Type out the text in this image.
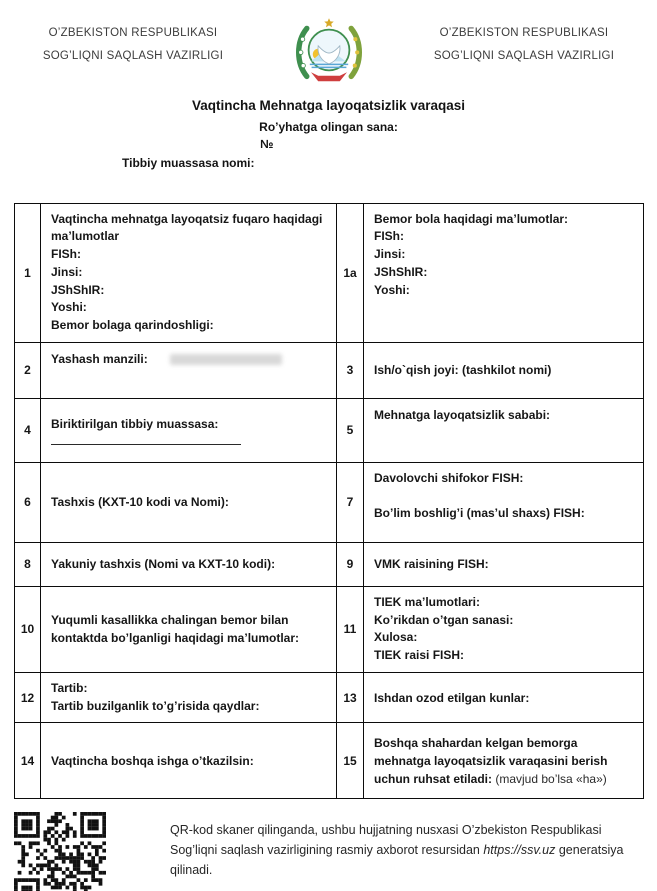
O’ZBEKISTON RESPUBLIKASI
SOG’LIQNI SAQLASH VAZIRLIGI
O’ZBEKISTON RESPUBLIKASI
SOG’LIQNI SAQLASH VAZIRLIGI
Vaqtincha Mehnatga layoqatsizlik varaqasi
Ro’yhatga olingan sana:
№
Tibbiy muassasa nomi:
1	
Vaqtincha mehnatga layoqatsiz fuqaro haqidagi ma’lumotlar
FISh:
Jinsi:
JShShIR:
Yoshi:
Bemor bolaga qarindoshligi:
	1a	
Bemor bola haqidagi ma’lumotlar:
FISh:
Jinsi:
JShShIR:
Yoshi:

2	Yashash manzili:	3	Ish/o`qish joyi: (tashkilot nomi)
4	Biriktirilgan tibbiy muassasa:	5	Mehnatga layoqatsizlik sababi:
6	Tashxis (KXT-10 kodi va Nomi):	7	Davolovchi shifokor FISH:
Bo’lim boshlig’i (mas’ul shaxs) FISH:

8	Yakuniy tashxis (Nomi va KXT-10 kodi):	9	VMK raisining FISH:
10	Yuqumli kasallikka chalingan bemor bilan kontaktda bo’lganligi haqidagi ma’lumotlar:	11	TIEK ma’lumotlari:
Ko’rikdan o’tgan sanasi:
Xulosa:
TIEK raisi FISH:

12	Tartib:
Tartib buzilganlik to’g’risida qaydlar:	13	Ishdan ozod etilgan kunlar:
14	Vaqtincha boshqa ishga o’tkazilsin:	15	Boshqa shahardan kelgan bemorga mehnatga layoqatsizlik varaqasini berish uchun ruhsat etiladi: (mavjud bo’lsa «ha»)
QR-kod skaner qilinganda, ushbu hujjatning nusxasi O’zbekiston Respublikasi Sog’liqni saqlash vazirligining rasmiy axborot resursidan https://ssv.uz generatsiya qilinadi.
